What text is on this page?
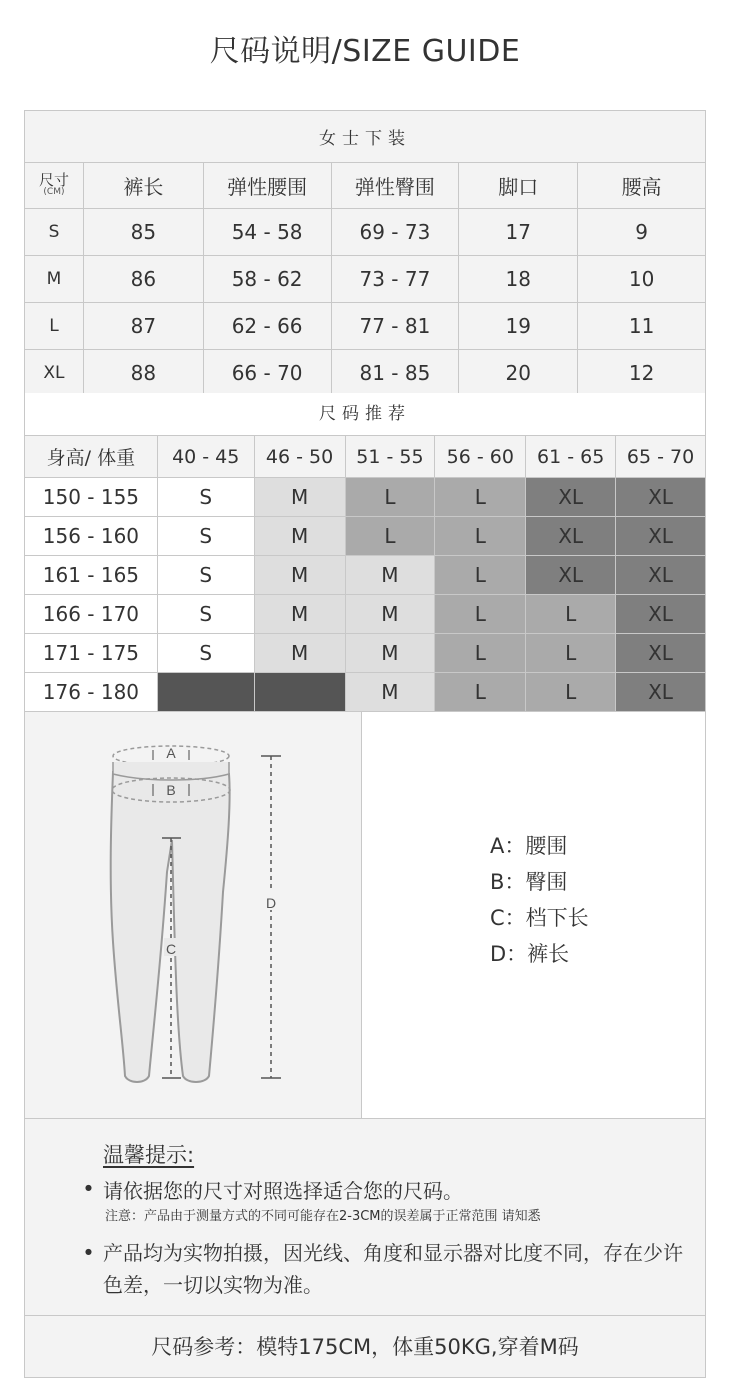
尺码说明/SIZE GUIDE
女士下装					

尺寸
(CM)	裤长	弹性腰围	弹性臀围	脚口	腰高
S	85	54 - 58	69 - 73	17	9
M	86	58 - 62	73 - 77	18	10
L	87	62 - 66	77 - 81	19	11
XL	88	66 - 70	81 - 85	20	12
尺码推荐
身高/ 体重	40 - 45	46 - 50	51 - 55	56 - 60	61 - 65	65 - 70
150 - 155	S	M	L	L	XL	XL
156 - 160	S	M	L	L	XL	XL
161 - 165	S	M	M	L	XL	XL
166 - 170	S	M	M	L	L	XL
171 - 175	S	M	M	L	L	XL
176 - 180			M	L	L	XL
A
B
C
D
A：腰围
B：臀围
C：档下长
D：裤长
温馨提示:
● 请依据您的尺寸对照选择适合您的尺码。
注意：产品由于测量方式的不同可能存在2-3CM的误差属于正常范围 请知悉
● 产品均为实物拍摄，因光线、角度和显示器对比度不同，存在少许色差，一切以实物为准。
尺码参考：模特175CM，体重50KG,穿着M码
